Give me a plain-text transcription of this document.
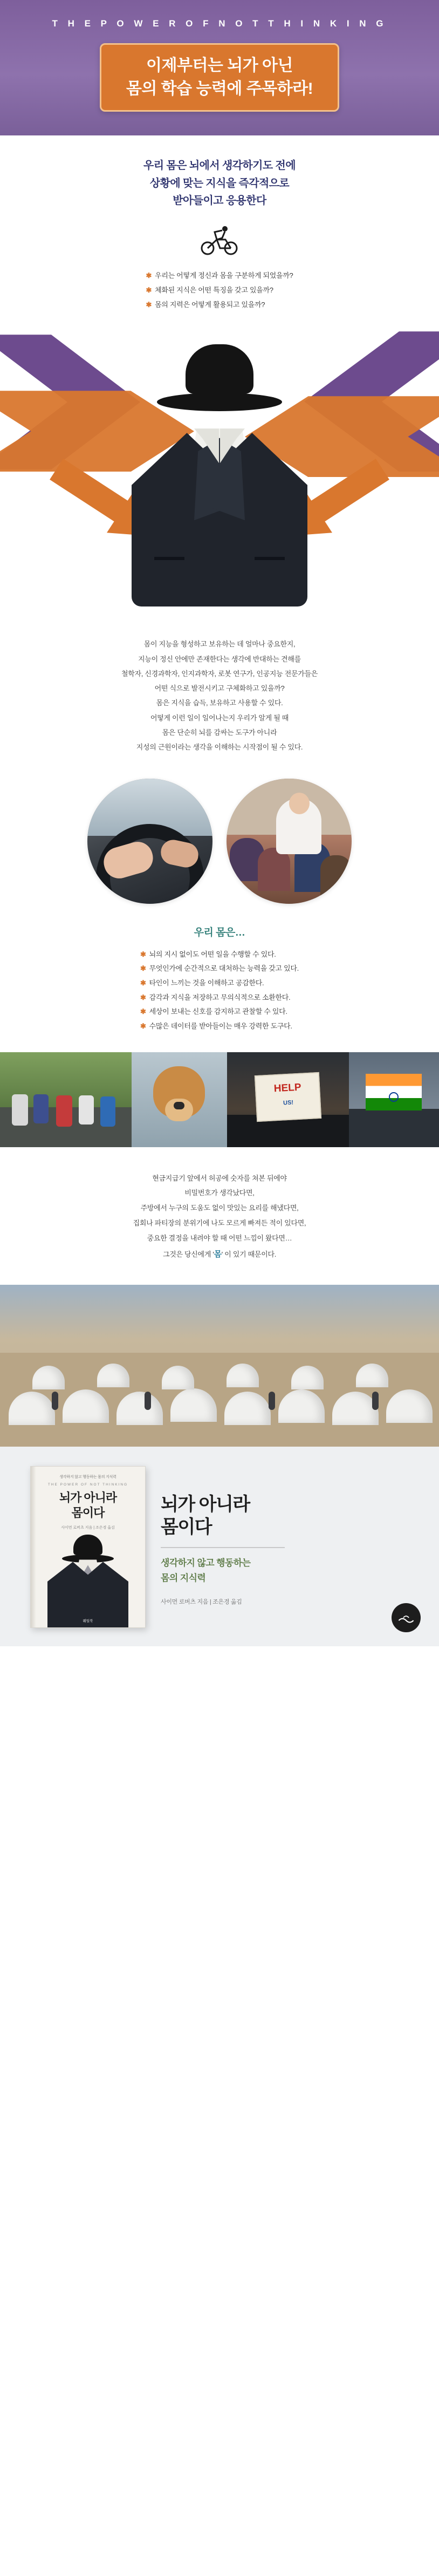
T H E P O W E R O F N O T T H I N K I N G
이제부터는 뇌가 아닌
몸의 학습 능력에 주목하라!
우리 몸은 뇌에서 생각하기도 전에
상황에 맞는 지식을 즉각적으로
받아들이고 응용한다
✱ 우리는 어떻게 정신과 몸을 구분하게 되었을까?
✱ 체화된 지식은 어떤 특징을 갖고 있을까?
✱ 몸의 지력은 어떻게 활용되고 있을까?

몸이 지능을 형성하고 보유하는 데 얼마나 중요한지,

지능이 정신 안에만 존재한다는 생각에 반대하는 견해를

철학자, 신경과학자, 인지과학자, 로봇 연구가, 인공지능 전문가들은

어떤 식으로 발전시키고 구체화하고 있을까?

몸은 지식을 습득, 보유하고 사용할 수 있다.

어떻게 이런 일이 일어나는지 우리가 알게 될 때

몸은 단순히 뇌를 감싸는 도구가 아니라

지성의 근원이라는 생각을 이해하는 시작점이 될 수 있다.

우리 몸은…
✱ 뇌의 지시 없이도 어떤 일을 수행할 수 있다.
✱ 무엇인가에 순간적으로 대처하는 능력을 갖고 있다.
✱ 타인이 느끼는 것을 이해하고 공감한다.
✱ 감각과 지식을 저장하고 무의식적으로 소환한다.
✱ 세상이 보내는 신호를 감지하고 관찰할 수 있다.
✱ 수많은 데이터를 받아들이는 매우 강력한 도구다.
HELP
US!

현금지급기 앞에서 허공에 숫자를 쳐본 뒤에야

비밀번호가 생각났다면,

주방에서 누구의 도움도 없이 맛있는 요리를 해냈다면,

집회나 파티장의 분위기에 나도 모르게 빠져든 적이 있다면,

중요한 결정을 내려야 할 때 어떤 느낌이 왔다면…

그것은 당신에게 '몸' 이 있기 때문이다.

생각하지 않고 행동하는 몸의 지식력
THE POWER OF NOT THINKING
뇌가 아니라
몸이다
사이먼 로버츠 지음 | 조은경 옮김
웨일북
뇌가 아니라
몸이다
생각하지 않고 행동하는
몸의 지식력
사이먼 로버츠 지음 | 조은경 옮김
